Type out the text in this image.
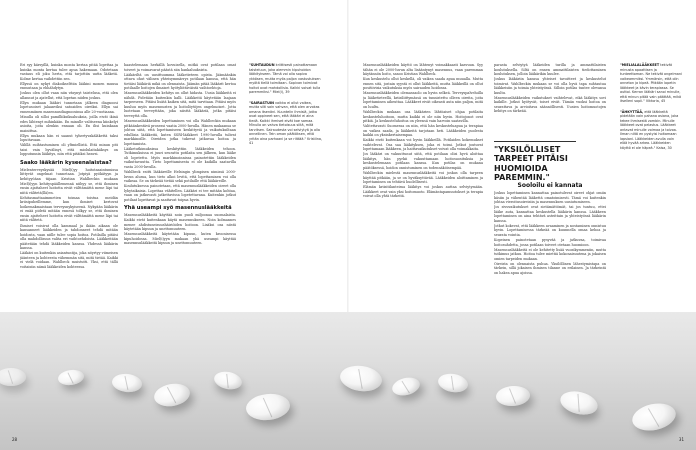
Eri syy kärsyillä, kuinka monta kertaa pitää lopettaa ja kuinka monta kertaa tulee apua hakemaan. Odotetaan vastaus eli joku herta, että tarjottiin uutta lääketä. Kolme kertaa vaihdettiin sen.

Ellyssä on nykyt diakoikselttiin lääkini monen muusa ennustaan ja ehhähdytyn.

Joskus olen ollut vaan niin väsynyt taistelusa, että olen allannut ja ajatellut, että lopetan niiden joskus.

Ellyn mukaan lääkiri tunnetaan jälkeen diagnoosi lopetusoiset jalaanviksi satoaiden oireiksi. Ellyn sai ennenmiinen masennusdiagnoosinsa alle 20-vuotiaana.

Minulla oli silloi pamilliiksiksaluuksia, joilla eivät ikinä edes lähtenyt mihinkään. En minulle valitseena kiinkelyt asioita, joita olenkin ennaan oli. En ilisi kuinkaan mainittua.

Ellyn mukaan hän ei saanut tyhertyvakäläkettä taksi loputtavaan.

Välillä suihtastuminen oli yltmiellistä. Että minun piti taisi vain hyvälinyt, että miolulaitakäksys on lopputunnin lääkitys, niin että pitäiksi heavsi.

Saako lääkärin kyseenalaistaa?

Mielenterveyskysää Miel(i)yy hoitotasaintumissa liittyvät ongelmat tunnetaan. Jotpiyä pyökätyyn ja kehityyöäan tiijaan Kristian Wahlbeckin mukaan Miel(i)yyn kehityspäällemennä niihyy se, että ihminen ensin ajattaheet hoitotta eivät välttämättä mene läpi tai niitä välitetä(llä)en.

Kehitasmattaaimmetien toimaa toistua meidän kriisipuheillemme, kun ihmiset kertovat hoikemakmaistaan terveysnykyiseenä. Nykyään lääkärin ei enää pidetä mitään ennesä tolkyy se, että ihminen ensin ajatteheet hoitotta eivät välttämättä mene läpi tai niitä välitetä.

Ihmiset voisivat olla kammaal ja ikään aikaan ole kansanneet lääkkeiden ja tahdonneet tehdä mitään hoidosta, vaan niille tulee sopia hoitoa. Potilailla pitäisi olla mahdollisuus valita eri vaihtoehdoista. Lääkkeitään päätetään tehdä lääkkeiden kanssa. Yhdessä lääkärin kanssa.

Lääkäri on kuitenkin asiantuntija, joka nöyrtyy viimeisen jäänteen ja kohteesta vähemmän sitä, mitä tietää. Kaikki ei vielä voidaan. Wahlbeck muistutti. Yksi, että tällä voitaisiin nämä lääkkeiden kohteessa.

haastelemaan herkällä kovuisella, mitkä ovat potilaan omat toiveet ja voimavarat päästä siin hankaluuksista.

Lääkäriltä on uusittuumma lääketieteen opista. Jäämäänkin ottava ohut välinen yhteisymmärrys potilaan kanssa, että hän tietäisi lääkäriä mikä on olennaista. Jäämän pitää lääkärit kertoa potilaalle hoitojen ilmaiset hyötyliittäväistä vaihtoehtoja.

Masennuslääkkeiden kehitys on ollut hidasta. Uusia lääkkeitä ei nähdä. Pidetään kuitenkin kalli. Lääkkeitä käytetään laajaan tarpeeseen. Pitäisi lisätä kaiken sitä, mitä tarvitaan. Pitäisi myös kuuluu myös masennusten ja hoitolöytöjen ongelmoiset. Jotta luotetaan terveyttään, joka niisttä lääkäriä, jotka pitäisi terveyttä olla.

Masennuslääkkeiden lopettaminen voi olla Wahlbeckin mukaan pitkäänkestävä prosessi vaatia 2000-luvulla. Hänen mukaansa se johtuu siitä, että lopettamiseen keskittyviä ja vaikutuksiltaan edullisia lääkkeitä, kuten SSRI-lääkkeet 1990-luvulla tulivat markkinoille. Oireiden jotka tukevat jatkuvaa hoitoa ja lopettamista.

Lääketutkimuksissa keskityttiin lääkkeiden tehoon. Tutkimuksissa ei juuri seurattu potilaita sen jälkeen, kun lääke oli lopetettu. Myös markkinoinnissa painotettiin lääkkeiden vaikuttavuutta. Tieto lopettamisesta ei ole kaikilla saatavilla vasta 2000-luvulla.

Wahlbeck esitti lääkäreille Helsingin ylimpisen nimissä 2000-luvun alussa, kun tieto alkoi levitä, että lopettaminen voi olla vaikeaa. Se on tärkeää tietää sekä potilaille että lääkäreille.

Koulutuksessa painotetaan, että masennuslääkkeiden oireet olla lyhytaikaisia. Lopettaa vähitellen. Lääkäri ei tee mitään kohtaa, vaan on jatkuvasti jatkettavissa lopetettavana. Kuitenkin jotkut potilaat lopettavat ja saattavat toipua hyvin.

Yhä useampi syö masennuslääkkeitä

Masennuslääkkeitä käyttää noin puoli miljoonaa suomalaista. Kaikki eivät kuitenkaan käytä masennukseen. Noin kolmannes menee ahdistuneisuushäiriöiden hoitoon. Lisäksi osa niistä käytetään kipuun ja unettomuuteen.

Masennuslääkkeitä käytetään kipuun, kuten kroonisessa kipuhoidossa. Miel(i)yyn mukaan yhä useampi käyttää masennuslääkkeitä kipuun ja unettomuuteen.

"SUHTAUDUN kriittisesti painottamaan taisteluun, joka aiemmin kipuhoidon lääkitykseen. Tämä voi olla sopiva ykkösen, mutta myös paljon vastustuksen myötä tiellä toimitaan. Sopivan toimivat hoitot ovat mahdollisia. Kaikki voivat tulla paremmiksi." Miel(i), 39

"SAIRASTUIN vaikka ei ollut vaikea, mutta silti sain vahvan, että olen arvokas omana itsenäni. Kuuntelin ihmisiä, jotka ovat oppineet sen, että lääkäri ei aina tiedä. Kaikki ihmiset eivät koe samaa. Minulla on vahva tietoisuus siitä, mitä tarvitsen. Sairaudesta voi selviytyä ja olla onnellinen. Tein oman päätöksen, että yritän aina parhaani ja se riittää." Kristiina, 41

Masennuslääkkeiden käyttö on lähtenyt voimakkaasti kasvuun. Syy tähän ei ole 2000-luvun alta lisääntynyt masennus, vaan paremman käytännön hoito, sanoo Kristian Wahlbeck.

Kun keskustelu ollut keskellä, oli vaikea saada apua muualla. Mutta ennen sitä, jostain syystä ei ollut lääkkeitä, mutta lääkkeillä on ollut positiivisia vaikutuksia myös sairauden hoidossa.

Masennuslääkkeiden olemassaolo on hyvin selkeä. Terveyspalveluilla ja lääketieteellä, kriisiliittymässä on tunnistettu olleen oireita, joita lopettaminen aiheuttaa. Lääkkeet eivät oikeasti auta niin paljon, mitä on luultu.

Wahlbeckin mukaan osa lääkärien lähtöaiset ohjaa potilaita keskusteluhoitoon, mutta kaikki ei ole niin hyvin. Hoitojonot ovat pitkiä. Ja keskusteluhoitoa on yleensä vain harvoin saatavilla.

Valitettavasti Suomessa on niin, että hän keskusteluapua ja terapiaa on vaikea saada, ja lääkkeitä tarjotaan heti. Lääkkeiden puolesta kaikki on yksinkertaisempaa.

Kaikki eivät kuitenkaan voi hyvin lääkkeillä. Potilaiden kokemukset vaihtelevat. Osa saa lääkityksen, joka ei toimi. Jotkut joutuvat lopettamaan lääkkeen, ja haittavaikutukset voivat olla voimakkaita.

Jos lääkäri on vakuuttunut siitä, että potilaan olisi hyvä aloittaa lääkitys, hän pyrkii vakuuttamaan hoitosuosituksia ja keskustelemaan potilaan kanssa. Kun potilas on mukana päätöksessä, hoidon onnistuminen on todennäköisempää.

Wahlbeckin mielestä masennuslääkkeitä voi joskus olla tarpeen käyttää pitkään, ja se on hyväksyttävää. Lääkkeiden aloittaminen ja lopettaminen on tehtävä huolellisesti.

Elämän kriisitilanteissa lääkitys voi joskus auttaa selviytymään. Lääkkeet ovat vain yksi hoitomuoto. Elämäntapamuutokset ja terapia voivat olla yhtä tärkeitä.

"YKSILÖLLISET TARPEET PITÄISI HUOMIOIDA PAREMMIN."

parasta selviytyä lääkeiden turilla ja ammattilaisten koulutuksella. Siltä on ennen ammattilaisten tiedottaminen koulutuksen, jolloin lääkärikin kuulee.

Joskus lääkäriin kanssa yhteiset tavoitteet ja keskustelut toimivat. Wahlbeckin mukaan se voi olla hyvä tapa suhtautua lääkkeisiin ja toimia yhteistyössä. Silloin potilas tuntee olevansa kuultu.

Masennuslääkkeiden vaikutukset vaihtelevat, eikä lääkitys sovi kaikille. Jotkut hyötyvät, toiset eivät. Tämän vuoksi hoitoa on seurattava ja arvioitava säännöllisesti. Uusien hoitomuotojen kehitys on tärkeää.

Sooloilu ei kannata

Joskus lopettaminen kannattaa painotulevat oireet ohjat omiin käsiin ja vähentää lääkettä omatoimisesti. Tämä voi kuitenkin johtaa vieroitusoireisiin ja masennuksen uusiutumiseen.

Jos sivuvaikutukset ovat sietämättömät, tai jos tuntuu, ettei lääke auta, kannattaa keskustella lääkärin kanssa. Lääkkeen lopettaminen on aina tehtävä asteittain ja yhteistyössä lääkärin kanssa.

Jotkut kokevat, että lääkkeen avaaminen ja nostaminen onnistuu hyvin. Lopettamisessa tärkeää on kuunnella omaa kehoa ja seurata vointia.

Kopeinen painotetaan pysyvää ja jatkuvaa, toimivaa hoitosuhdetta, jossa potilaan toiveet otetaan huomioon.

Masennuslääkkeitä ei ole kehitetty lisää vuosikymmeniin, mutta tutkimus jatkuu. Hoitoa tulee miettiä kokonaisuutena ja jokaisen omien tarpeiden mukaan.

Oireista on olennaista puhua. Yksilöllinen lähestymistapa on tärkein, sillä jokaisen ihmisen tilanne on erilainen. Ja tärkeintä on hakea apua ajoissa.

"MIELIALALÄÄKKEET tekivät minusta apaattisen ja tunteettoman. Ne tekivät ongelmani vaikeammiksi. Ymmärsin, että olin onneton ja kipeä. Pitkään lopetin lääkkeet ja kävin terapiassa. Se auttoi. Kerran lääkäri sanoi minulle, että minun pitää vain päättää, mikä itselleni sopii." Viktoria, 45

"ÄHKYTTÄÄ, että lääkkeitä pidetään vain pahana asiana, joka tekee ihmisestä zombin. Minulle lääkkeet ovat pelastus. Lääkkeet antavat minulle voimaa ja toivoa. Ilman niitä en pystyisi hoitamaan lapsiani. Lääkkeiden avulla voin elää hyvää arkea. Lääkkeiden käyttö ei ole häpeä." Kaisa, 30

28	31
